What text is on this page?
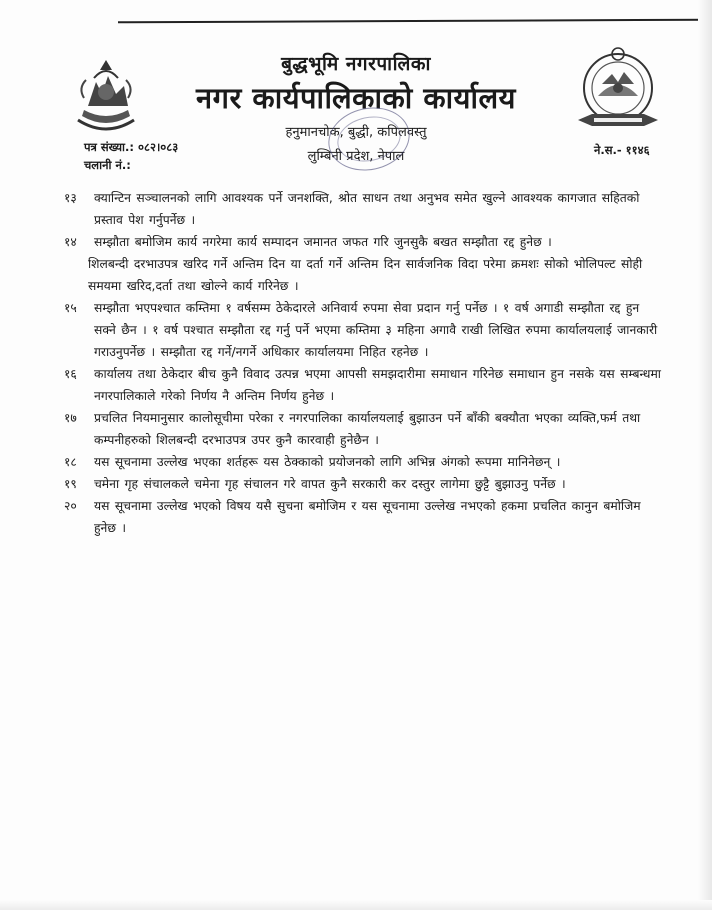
बुद्धभूमि नगरपालिका
नगर कार्यपालिकाको कार्यालय
हनुमानचोक, बुद्धी, कपिलवस्तु
लुम्बिनी प्रदेश, नेपाल
पत्र संख्या.: ०८२।०८३
चलानी नं.:
ने.स.- ११४६
१३ क्यान्टिन सञ्चालनको लागि आवश्यक पर्ने जनशक्ति, श्रोत साधन तथा अनुभव समेत खुल्ने आवश्यक कागजात सहितको प्रस्ताव पेश गर्नुपर्नेछ ।
१४ सम्झौता बमोजिम कार्य नगरेमा कार्य सम्पादन जमानत जफत गरि जुनसुकै बखत सम्झौता रद्द हुनेछ ।
शिलबन्दी दरभाउपत्र खरिद गर्ने अन्तिम दिन या दर्ता गर्ने अन्तिम दिन सार्वजनिक विदा परेमा क्रमशः सोको भोलिपल्ट सोही समयमा खरिद,दर्ता तथा खोल्ने कार्य गरिनेछ ।
१५ सम्झौता भएपश्चात कम्तिमा १ वर्षसम्म ठेकेदारले अनिवार्य रुपमा सेवा प्रदान गर्नु पर्नेछ । १ वर्ष अगाडी सम्झौता रद्द हुन सक्ने छैन । १ वर्ष पश्चात सम्झौता रद्द गर्नु पर्ने भएमा कम्तिमा ३ महिना अगावै राखी लिखित रुपमा कार्यालयलाई जानकारी गराउनुपर्नेछ । सम्झौता रद्द गर्ने/नगर्ने अधिकार कार्यालयमा निहित रहनेछ ।
१६ कार्यालय तथा ठेकेदार बीच कुनै विवाद उत्पन्न भएमा आपसी समझदारीमा समाधान गरिनेछ समाधान हुन नसके यस सम्बन्धमा नगरपालिकाले गरेको निर्णय नै अन्तिम निर्णय हुनेछ ।
१७ प्रचलित नियमानुसार कालोसूचीमा परेका र नगरपालिका कार्यालयलाई बुझाउन पर्ने बाँकी बक्यौता भएका व्यक्ति,फर्म तथा कम्पनीहरुको शिलबन्दी दरभाउपत्र उपर कुनै कारवाही हुनेछैन ।
१८ यस सूचनामा उल्लेख भएका शर्तहरू यस ठेक्काको प्रयोजनको लागि अभिन्न अंगको रूपमा मानिनेछन् ।
१९ चमेना गृह संचालकले चमेना गृह संचालन गरे वापत कुनै सरकारी कर दस्तुर लागेमा छुट्टै बुझाउनु पर्नेछ ।
२० यस सूचनामा उल्लेख भएको विषय यसै सुचना बमोजिम र यस सूचनामा उल्लेख नभएको हकमा प्रचलित कानुन बमोजिम हुनेछ ।
